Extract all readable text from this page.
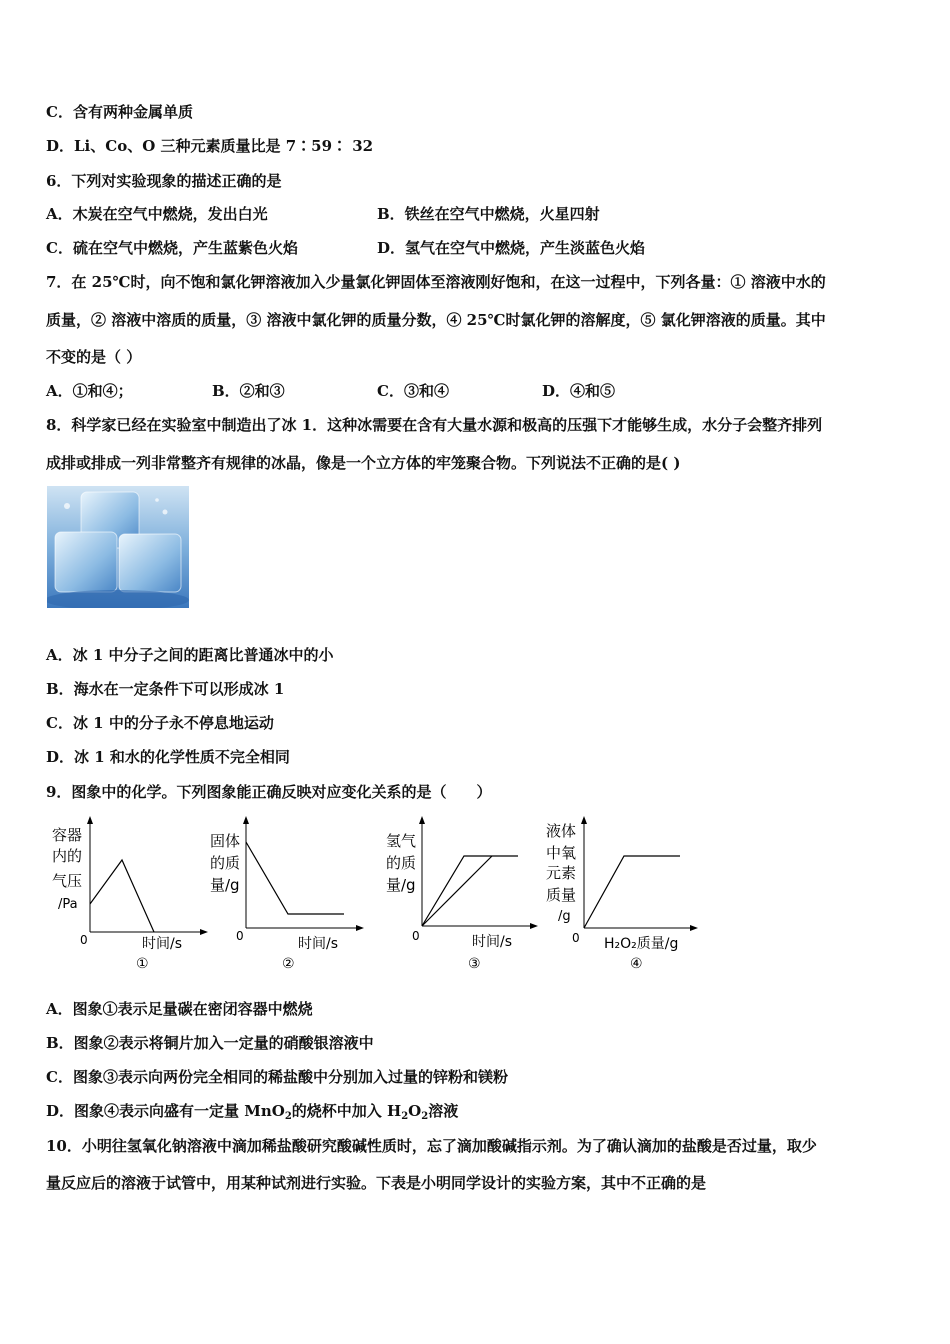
C．含有两种金属单质
D．Li、Co、O 三种元素质量比是 7∶59∶ 32
6．下列对实验现象的描述正确的是
A．木炭在空气中燃烧，发出白光	B．铁丝在空气中燃烧，火星四射
C．硫在空气中燃烧，产生蓝紫色火焰	D．氢气在空气中燃烧，产生淡蓝色火焰
7．在 25℃时，向不饱和氯化钾溶液加入少量氯化钾固体至溶液刚好饱和，在这一过程中，下列各量：① 溶液中水的
质量，② 溶液中溶质的质量，③ 溶液中氯化钾的质量分数，④ 25℃时氯化钾的溶解度，⑤ 氯化钾溶液的质量。其中
不变的是（ ）
A．①和④；	B．②和③	C．③和④	D．④和⑤
8．科学家已经在实验室中制造出了冰 1．这种冰需要在含有大量水源和极高的压强下才能够生成，水分子会整齐排列
成排或排成一列非常整齐有规律的冰晶，像是一个立方体的牢笼聚合物。下列说法不正确的是( )
A．冰 1 中分子之间的距离比普通冰中的小
B．海水在一定条件下可以形成冰 1
C．冰 1 中的分子永不停息地运动
D．冰 1 和水的化学性质不完全相同
9．图象中的化学。下列图象能正确反映对应变化关系的是（　　）
容器
内的
气压
/Pa
0	时间/s
①
固体
的质
量/g
0	时间/s
②
氢气
的质
量/g
0	时间/s
③
液体
中氧
元素
质量
/g
0 H₂O₂质量/g
④
A．图象①表示足量碳在密闭容器中燃烧
B．图象②表示将铜片加入一定量的硝酸银溶液中
C．图象③表示向两份完全相同的稀盐酸中分别加入过量的锌粉和镁粉
D．图象④表示向盛有一定量 MnO$_2$的烧杯中加入 $H_2O_2$溶液
10．小明往氢氧化钠溶液中滴加稀盐酸研究酸碱性质时，忘了滴加酸碱指示剂。为了确认滴加的盐酸是否过量，取少
量反应后的溶液于试管中，用某种试剂进行实验。下表是小明同学设计的实验方案，其中不正确的是
